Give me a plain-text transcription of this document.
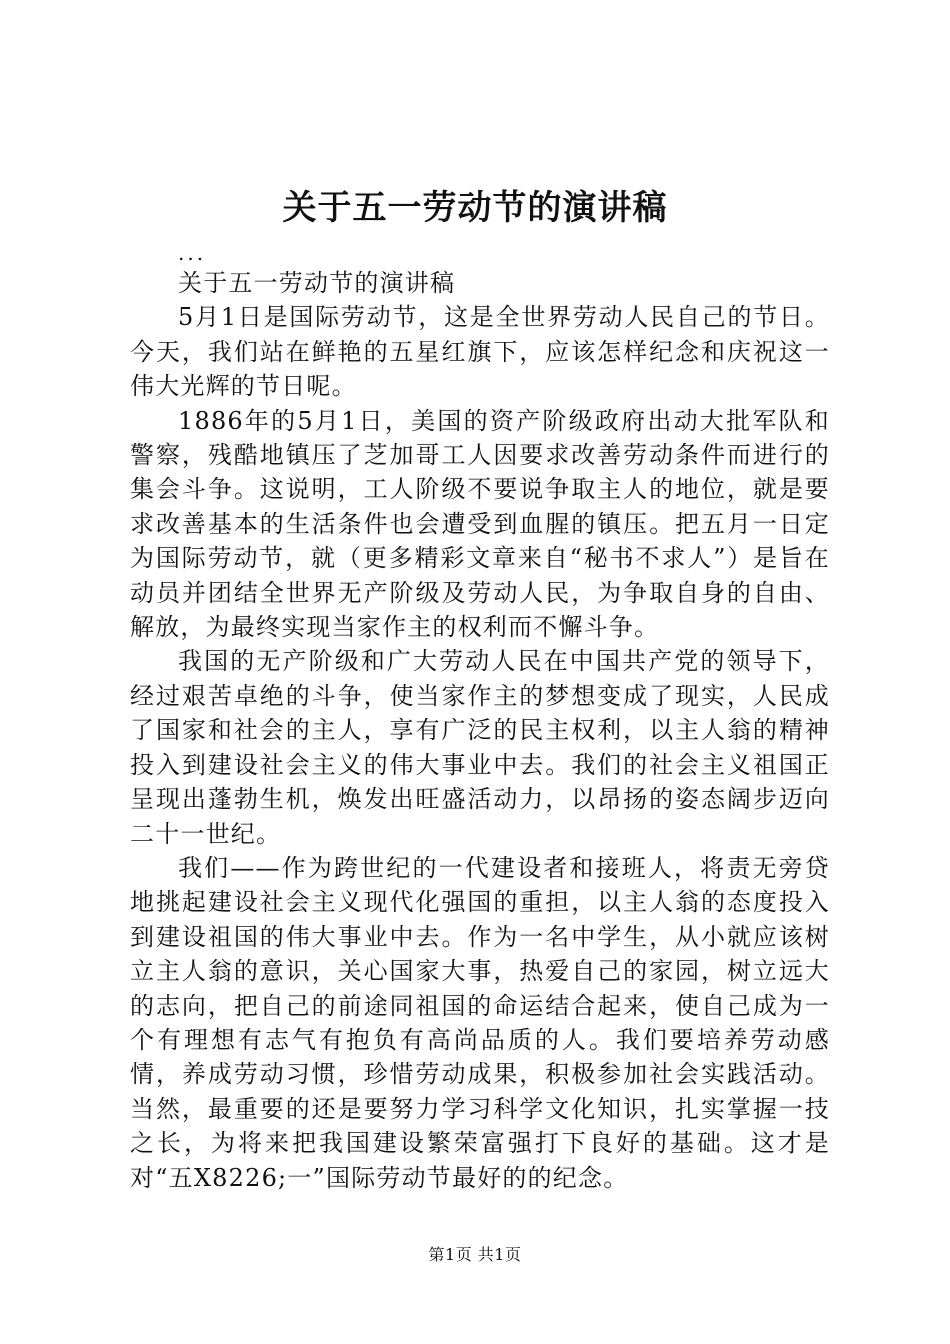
关于五一劳动节的演讲稿
...

关于五一劳动节的演讲稿

5月1日是国际劳动节，这是全世界劳动人民自己的节日。今天，我们站在鲜艳的五星红旗下，应该怎样纪念和庆祝这一伟大光辉的节日呢。

1886年的5月1日，美国的资产阶级政府出动大批军队和警察，残酷地镇压了芝加哥工人因要求改善劳动条件而进行的集会斗争。这说明，工人阶级不要说争取主人的地位，就是要求改善基本的生活条件也会遭受到血腥的镇压。把五月一日定为国际劳动节，就（更多精彩文章来自“秘书不求人”）是旨在动员并团结全世界无产阶级及劳动人民，为争取自身的自由、解放，为最终实现当家作主的权利而不懈斗争。

我国的无产阶级和广大劳动人民在中国共产党的领导下，经过艰苦卓绝的斗争，使当家作主的梦想变成了现实，人民成了国家和社会的主人，享有广泛的民主权利，以主人翁的精神投入到建设社会主义的伟大事业中去。我们的社会主义祖国正呈现出蓬勃生机，焕发出旺盛活动力，以昂扬的姿态阔步迈向二十一世纪。

我们——作为跨世纪的一代建设者和接班人，将责无旁贷地挑起建设社会主义现代化强国的重担，以主人翁的态度投入到建设祖国的伟大事业中去。作为一名中学生，从小就应该树立主人翁的意识，关心国家大事，热爱自己的家园，树立远大的志向，把自己的前途同祖国的命运结合起来，使自己成为一个有理想有志气有抱负有高尚品质的人。我们要培养劳动感情，养成劳动习惯，珍惜劳动成果，积极参加社会实践活动。当然，最重要的还是要努力学习科学文化知识，扎实掌握一技之长，为将来把我国建设繁荣富强打下良好的基础。这才是对“五X8226;一”国际劳动节最好的的纪念。

第1页 共1页
